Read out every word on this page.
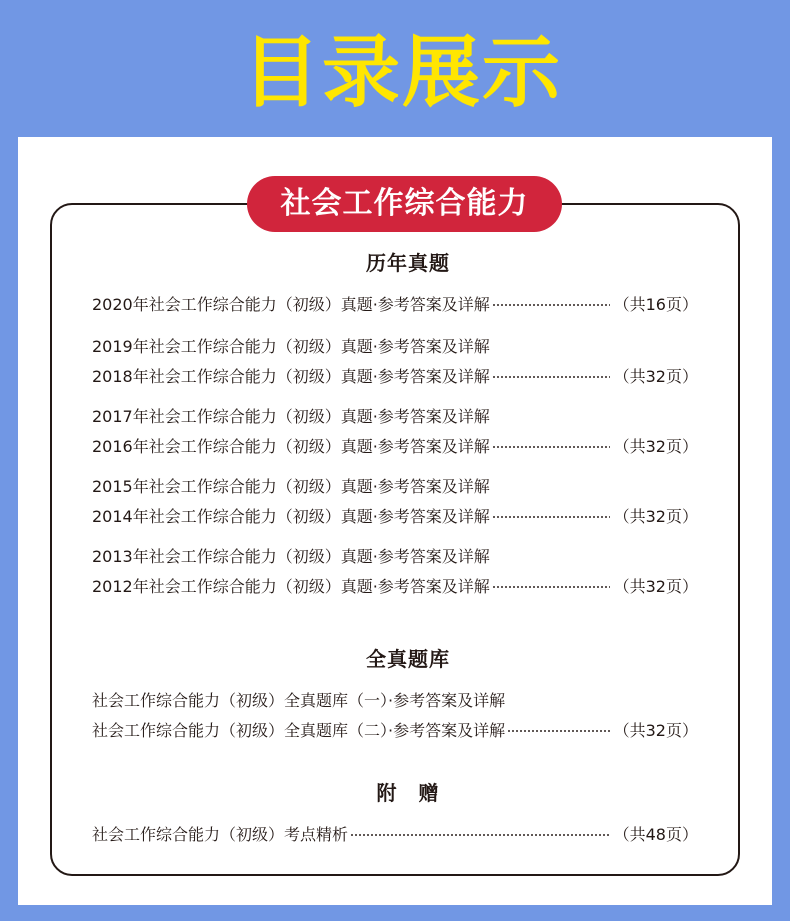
目录展示
社会工作综合能力
历年真题
2020年社会工作综合能力（初级）真题·参考答案及详解	（共16页）
2019年社会工作综合能力（初级）真题·参考答案及详解
2018年社会工作综合能力（初级）真题·参考答案及详解	（共32页）
2017年社会工作综合能力（初级）真题·参考答案及详解
2016年社会工作综合能力（初级）真题·参考答案及详解	（共32页）
2015年社会工作综合能力（初级）真题·参考答案及详解
2014年社会工作综合能力（初级）真题·参考答案及详解	（共32页）
2013年社会工作综合能力（初级）真题·参考答案及详解
2012年社会工作综合能力（初级）真题·参考答案及详解	（共32页）
全真题库
社会工作综合能力（初级）全真题库（一）·参考答案及详解
社会工作综合能力（初级）全真题库（二）·参考答案及详解	（共32页）
附　赠
社会工作综合能力（初级）考点精析	（共48页）
